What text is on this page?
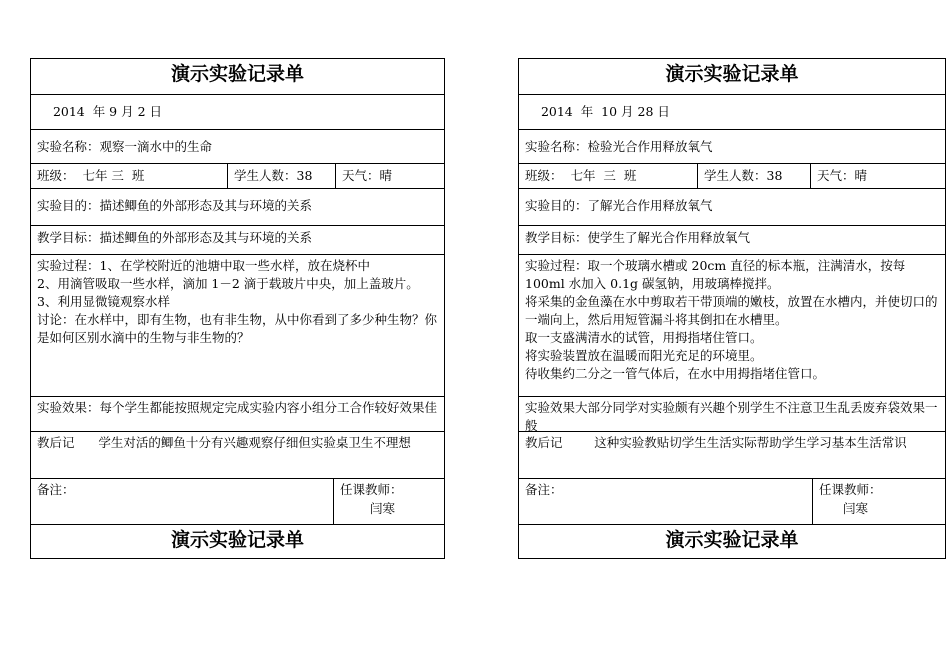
演示实验记录单
2014  年 9 月 2 日
实验名称：观察一滴水中的生命
班级：  七年 三  班	学生人数：38	天气：晴
实验目的：描述鲫鱼的外部形态及其与环境的关系
教学目标：描述鲫鱼的外部形态及其与环境的关系
实验过程：1、在学校附近的池塘中取一些水样，放在烧杯中
2、用滴管吸取一些水样，滴加 1－2 滴于载玻片中央，加上盖玻片。
3、利用显微镜观察水样
讨论：在水样中，即有生物，也有非生物，从中你看到了多少种生物？你是如何区别水滴中的生物与非生物的？
实验效果：每个学生都能按照规定完成实验内容小组分工合作较好效果佳
教后记      学生对活的鲫鱼十分有兴趣观察仔细但实验桌卫生不理想
备注：	任课教师：
闫寒
演示实验记录单
演示实验记录单
2014  年  10 月 28 日
实验名称：检验光合作用释放氧气
班级：  七年  三  班	学生人数：38	天气：晴
实验目的：了解光合作用释放氧气
教学目标：使学生了解光合作用释放氧气
实验过程：取一个玻璃水槽或 20cm 直径的标本瓶，注满清水，按每 100ml 水加入 0.1g 碳氢钠，用玻璃棒搅拌。
将采集的金鱼藻在水中剪取若干带顶端的嫩枝，放置在水槽内，并使切口的一端向上，然后用短管漏斗将其倒扣在水槽里。
取一支盛满清水的试管，用拇指堵住管口。
将实验装置放在温暖而阳光充足的环境里。
待收集约二分之一管气体后，在水中用拇指堵住管口。
实验效果大部分同学对实验颇有兴趣个别学生不注意卫生乱丢废弃袋效果一般
教后记        这种实验教贴切学生生活实际帮助学生学习基本生活常识
备注：	任课教师：
闫寒
演示实验记录单
